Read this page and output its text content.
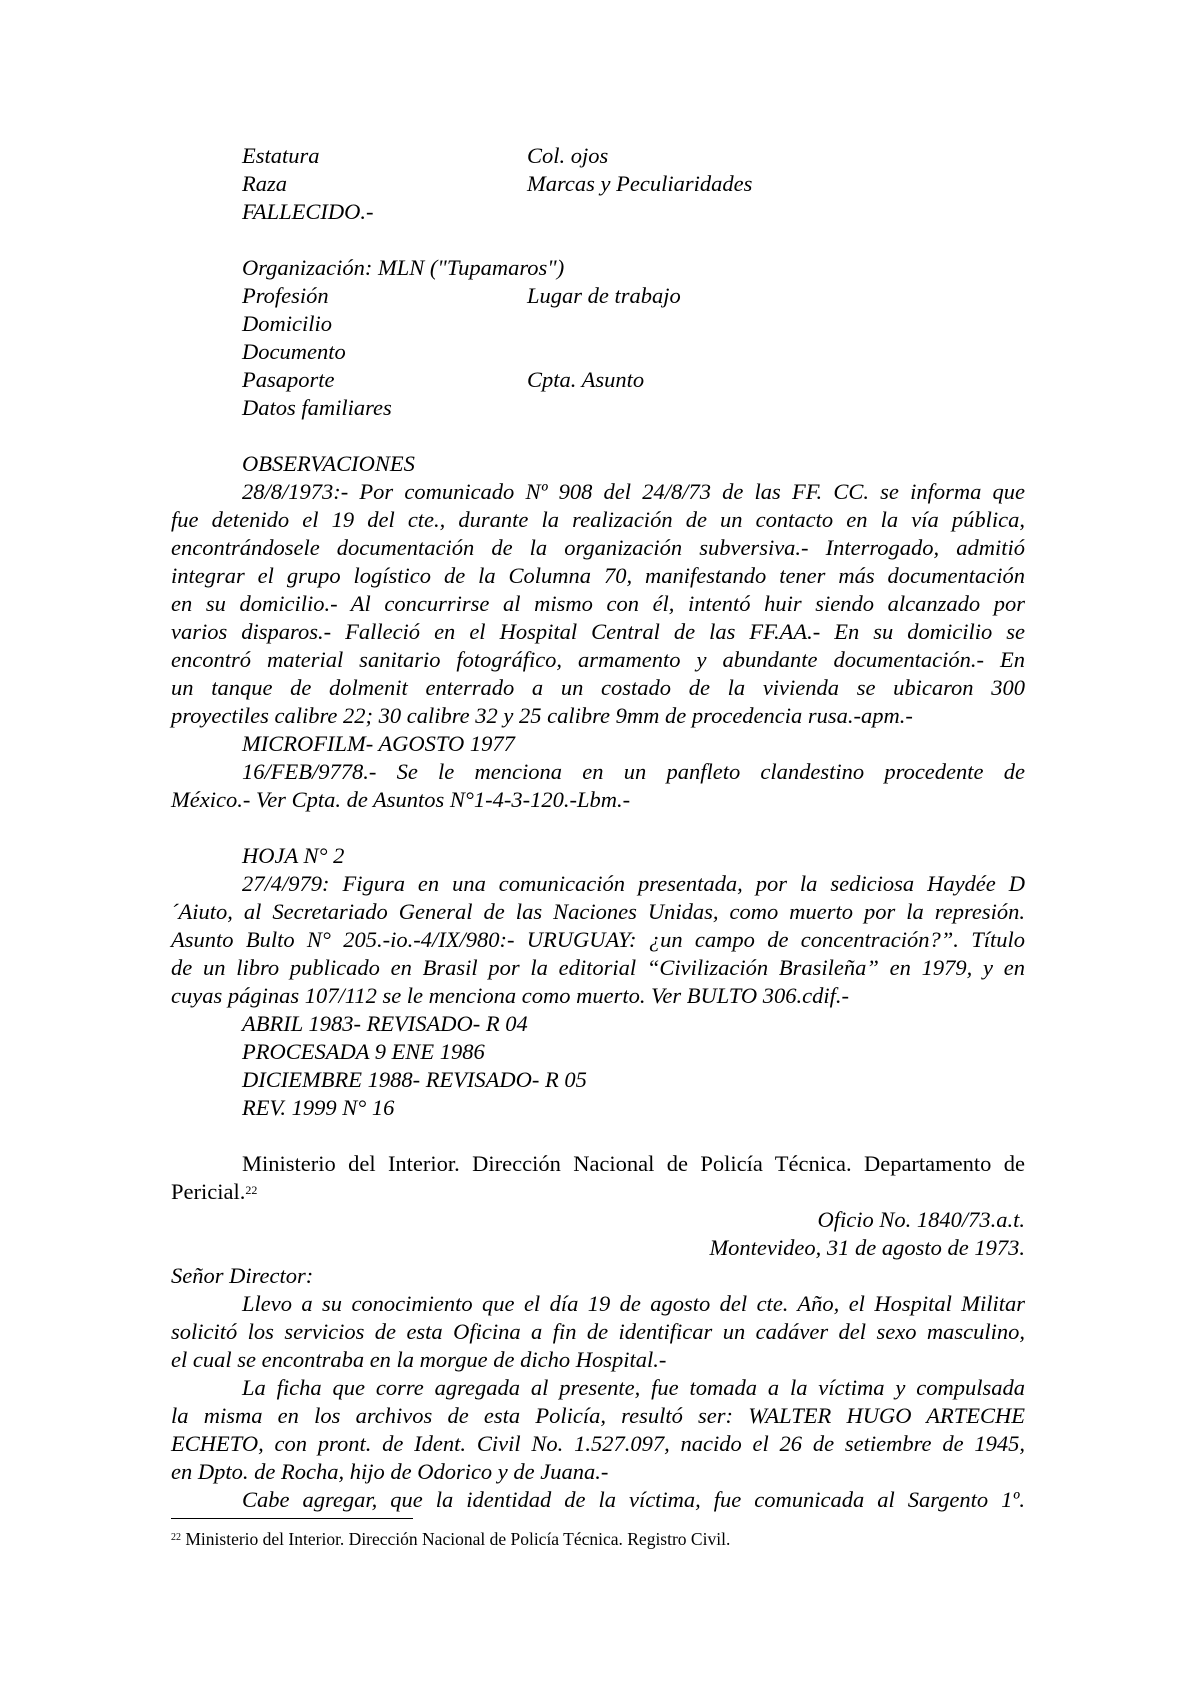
Estatura	Col. ojos
Raza	Marcas y Peculiaridades
FALLECIDO.-
Organización: MLN ("Tupamaros")
Profesión	Lugar de trabajo
Domicilio
Documento
Pasaporte	Cpta. Asunto
Datos familiares
OBSERVACIONES
28/8/1973:- Por comunicado Nº 908 del 24/8/73 de las FF. CC. se informa que
fue detenido el 19 del cte., durante la realización de un contacto en la vía pública,
encontrándosele documentación de la organización subversiva.- Interrogado, admitió
integrar el grupo logístico de la Columna 70, manifestando tener más documentación
en su domicilio.- Al concurrirse al mismo con él, intentó huir siendo alcanzado por
varios disparos.- Falleció en el Hospital Central de las FF.AA.- En su domicilio se
encontró material sanitario fotográfico, armamento y abundante documentación.- En
un tanque de dolmenit enterrado a un costado de la vivienda se ubicaron 300
proyectiles calibre 22; 30 calibre 32 y 25 calibre 9mm de procedencia rusa.-apm.-
MICROFILM- AGOSTO 1977
16/FEB/9778.- Se le menciona en un panfleto clandestino procedente de
México.- Ver Cpta. de Asuntos N°1-4-3-120.-Lbm.-
HOJA N° 2
27/4/979: Figura en una comunicación presentada, por la sediciosa Haydée D
´Aiuto, al Secretariado General de las Naciones Unidas, como muerto por la represión.
Asunto Bulto N° 205.-io.-4/IX/980:- URUGUAY: ¿un campo de concentración?”. Título
de un libro publicado en Brasil por la editorial “Civilización Brasileña” en 1979, y en
cuyas páginas 107/112 se le menciona como muerto. Ver BULTO 306.cdif.-
ABRIL 1983- REVISADO- R 04
PROCESADA 9 ENE 1986
DICIEMBRE 1988- REVISADO- R 05
REV. 1999 N° 16
Ministerio del Interior. Dirección Nacional de Policía Técnica. Departamento de
Pericial.$^{22}$
Oficio No. 1840/73.a.t.
Montevideo, 31 de agosto de 1973.
Señor Director:
Llevo a su conocimiento que el día 19 de agosto del cte. Año, el Hospital Militar
solicitó los servicios de esta Oficina a fin de identificar un cadáver del sexo masculino,
el cual se encontraba en la morgue de dicho Hospital.-
La ficha que corre agregada al presente, fue tomada a la víctima y compulsada
la misma en los archivos de esta Policía, resultó ser: WALTER HUGO ARTECHE
ECHETO, con pront. de Ident. Civil No. 1.527.097, nacido el 26 de setiembre de 1945,
en Dpto. de Rocha, hijo de Odorico y de Juana.-
Cabe agregar, que la identidad de la víctima, fue comunicada al Sargento 1º.
$^{22}$ Ministerio del Interior. Dirección Nacional de Policía Técnica. Registro Civil.
